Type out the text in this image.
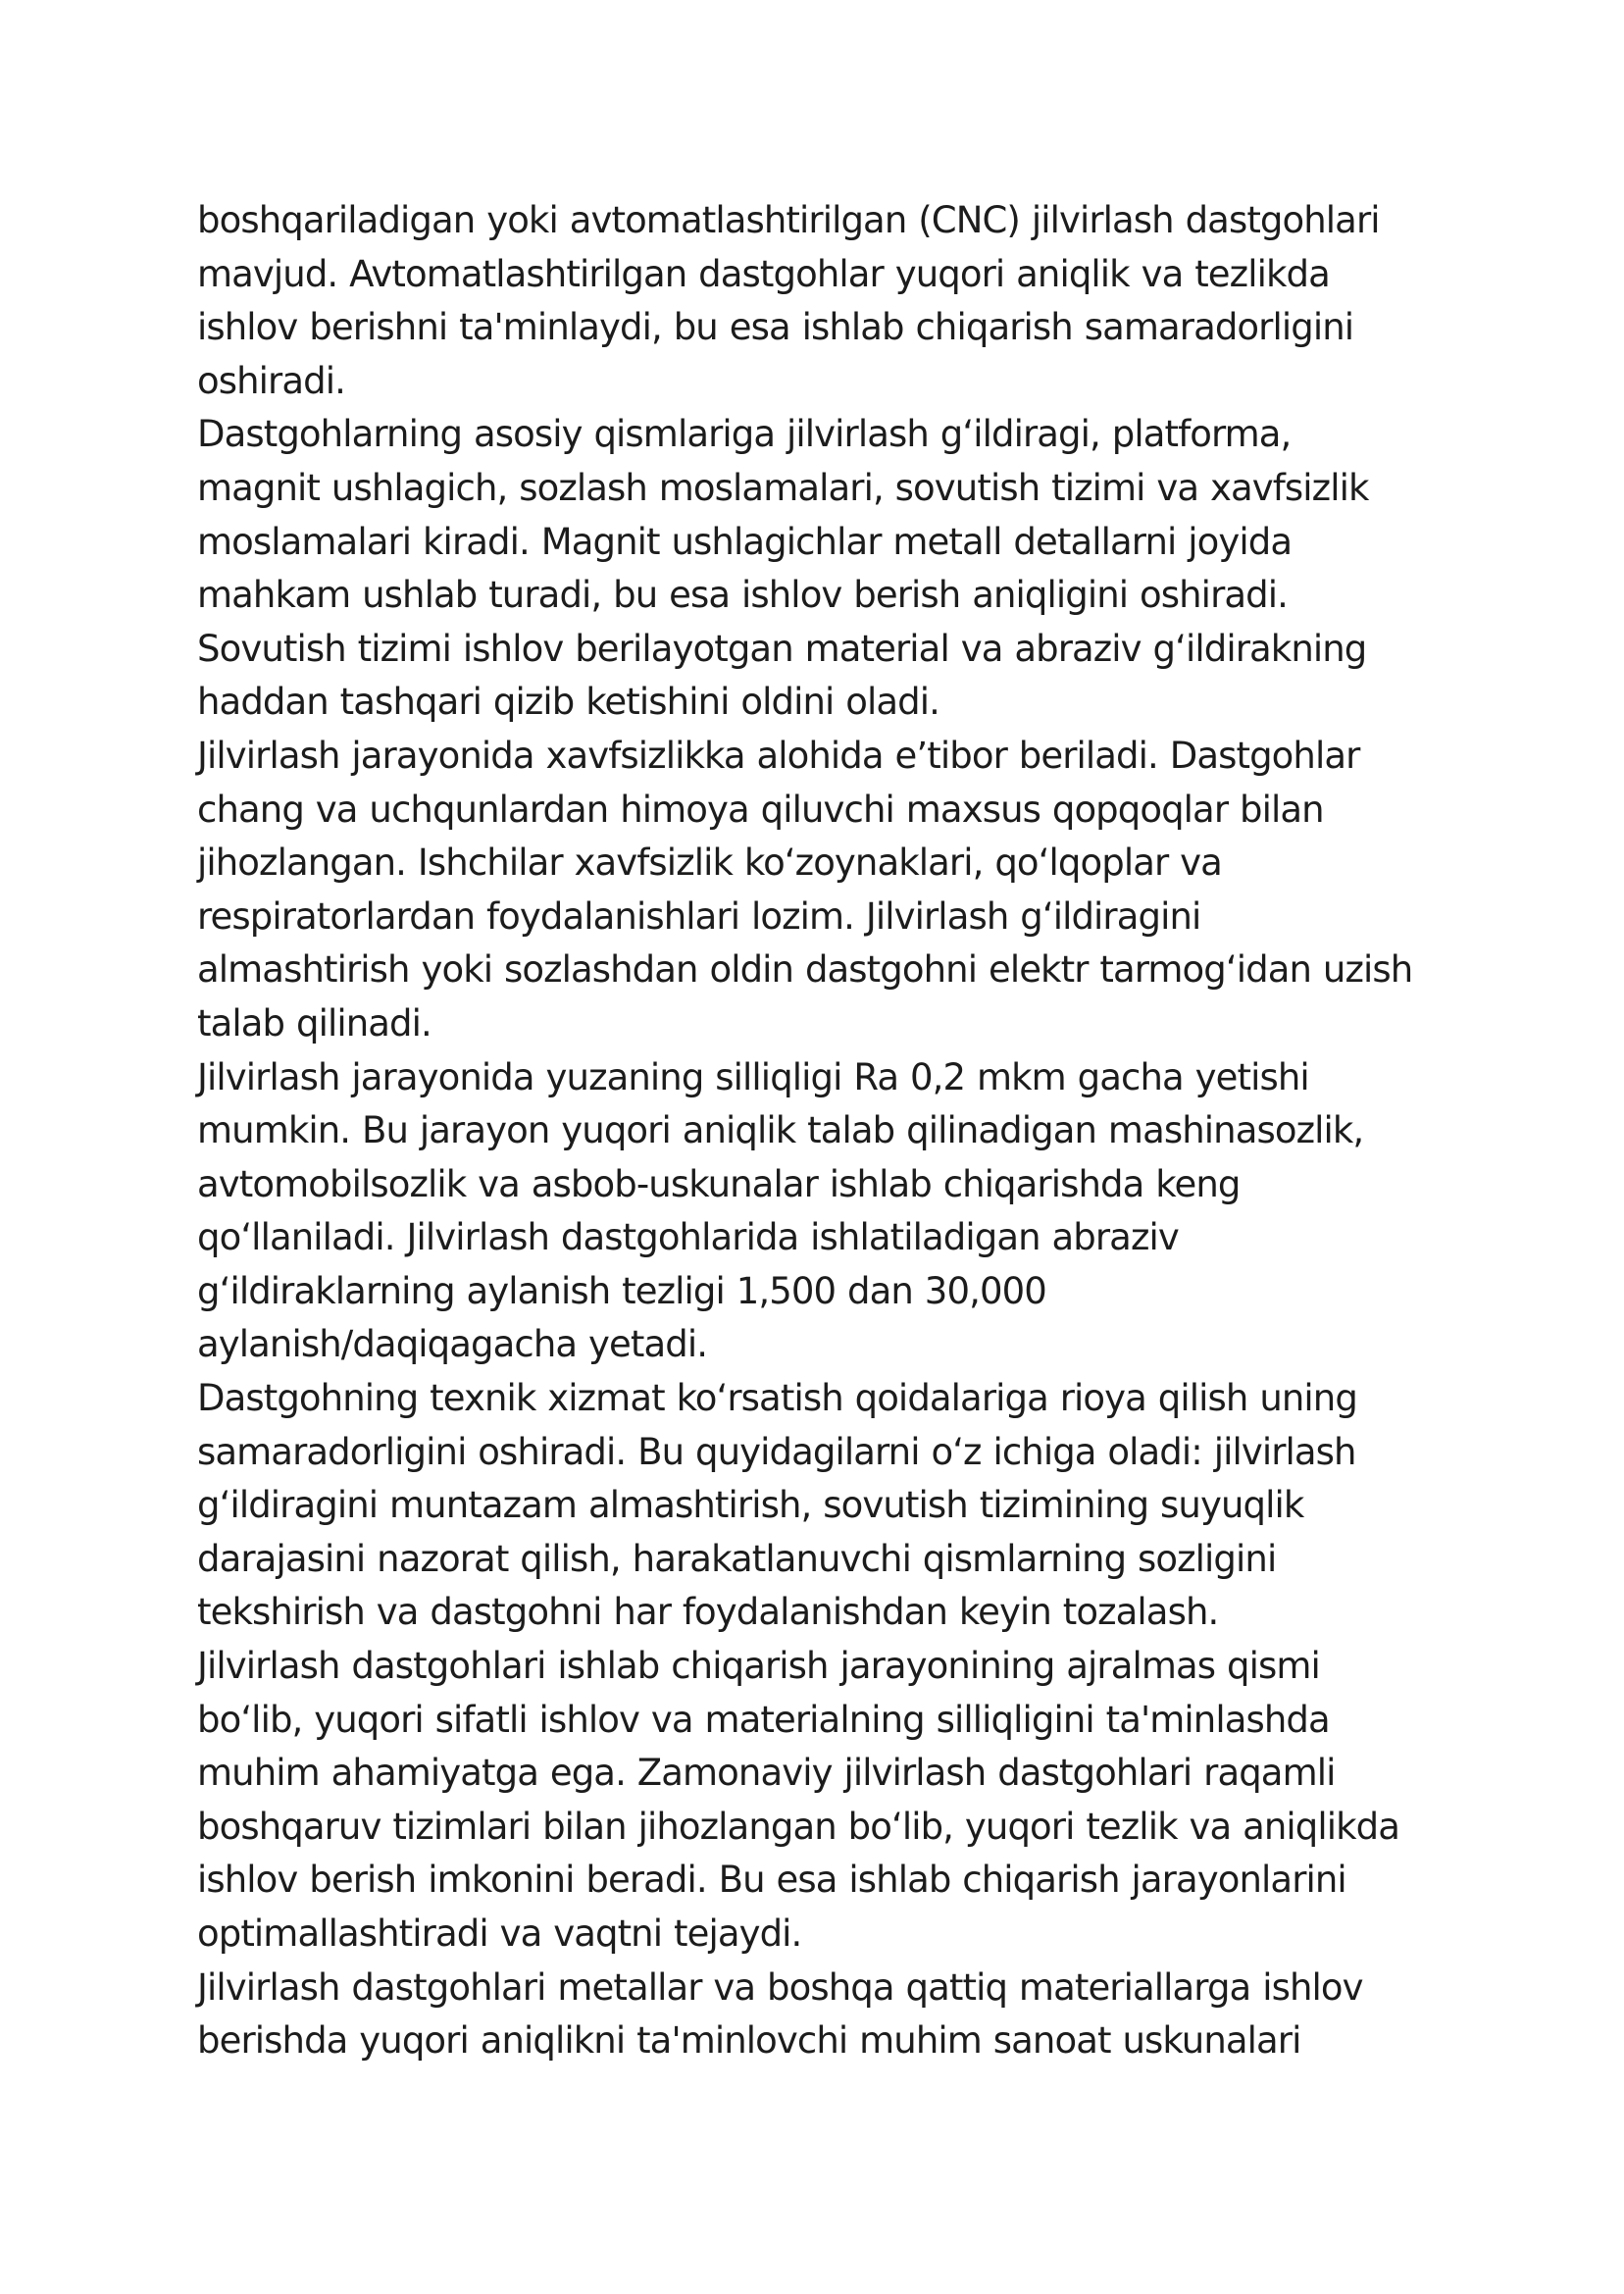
boshqariladigan yoki avtomatlashtirilgan (CNC) jilvirlash dastgohlari
mavjud. Avtomatlashtirilgan dastgohlar yuqori aniqlik va tezlikda
ishlov berishni ta'minlaydi, bu esa ishlab chiqarish samaradorligini
oshiradi.
Dastgohlarning asosiy qismlariga jilvirlash g‘ildiragi, platforma,
magnit ushlagich, sozlash moslamalari, sovutish tizimi va xavfsizlik
moslamalari kiradi. Magnit ushlagichlar metall detallarni joyida
mahkam ushlab turadi, bu esa ishlov berish aniqligini oshiradi.
Sovutish tizimi ishlov berilayotgan material va abraziv g‘ildirakning
haddan tashqari qizib ketishini oldini oladi.
Jilvirlash jarayonida xavfsizlikka alohida e’tibor beriladi. Dastgohlar
chang va uchqunlardan himoya qiluvchi maxsus qopqoqlar bilan
jihozlangan. Ishchilar xavfsizlik ko‘zoynaklari, qo‘lqoplar va
respiratorlardan foydalanishlari lozim. Jilvirlash g‘ildiragini
almashtirish yoki sozlashdan oldin dastgohni elektr tarmog‘idan uzish
talab qilinadi.
Jilvirlash jarayonida yuzaning silliqligi Ra 0,2 mkm gacha yetishi
mumkin. Bu jarayon yuqori aniqlik talab qilinadigan mashinasozlik,
avtomobilsozlik va asbob-uskunalar ishlab chiqarishda keng
qo‘llaniladi. Jilvirlash dastgohlarida ishlatiladigan abraziv
g‘ildiraklarning aylanish tezligi 1,500 dan 30,000
aylanish/daqiqagacha yetadi.
Dastgohning texnik xizmat ko‘rsatish qoidalariga rioya qilish uning
samaradorligini oshiradi. Bu quyidagilarni o‘z ichiga oladi: jilvirlash
g‘ildiragini muntazam almashtirish, sovutish tizimining suyuqlik
darajasini nazorat qilish, harakatlanuvchi qismlarning sozligini
tekshirish va dastgohni har foydalanishdan keyin tozalash.
Jilvirlash dastgohlari ishlab chiqarish jarayonining ajralmas qismi
bo‘lib, yuqori sifatli ishlov va materialning silliqligini ta'minlashda
muhim ahamiyatga ega. Zamonaviy jilvirlash dastgohlari raqamli
boshqaruv tizimlari bilan jihozlangan bo‘lib, yuqori tezlik va aniqlikda
ishlov berish imkonini beradi. Bu esa ishlab chiqarish jarayonlarini
optimallashtiradi va vaqtni tejaydi.
Jilvirlash dastgohlari metallar va boshqa qattiq materiallarga ishlov
berishda yuqori aniqlikni ta'minlovchi muhim sanoat uskunalari
